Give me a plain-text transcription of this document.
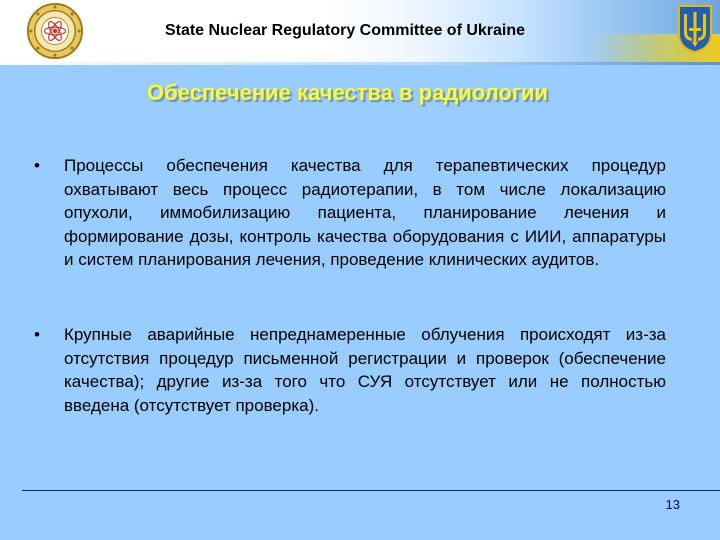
State Nuclear Regulatory Committee of Ukraine
Обеспечение качества в радиологии
•	Процессы обеспечения качества для терапевтических процедур охватывают весь процесс радиотерапии, в том числе локализацию опухоли, иммобилизацию пациента, планирование лечения и формирование дозы, контроль качества оборудования с ИИИ, аппаратуры и систем планирования лечения, проведение клинических аудитов.
•	Крупные аварийные непреднамеренные облучения происходят из-за отсутствия процедур письменной регистрации и проверок (обеспечение качества); другие из-за того что СУЯ отсутствует или не полностью введена (отсутствует проверка).
13
